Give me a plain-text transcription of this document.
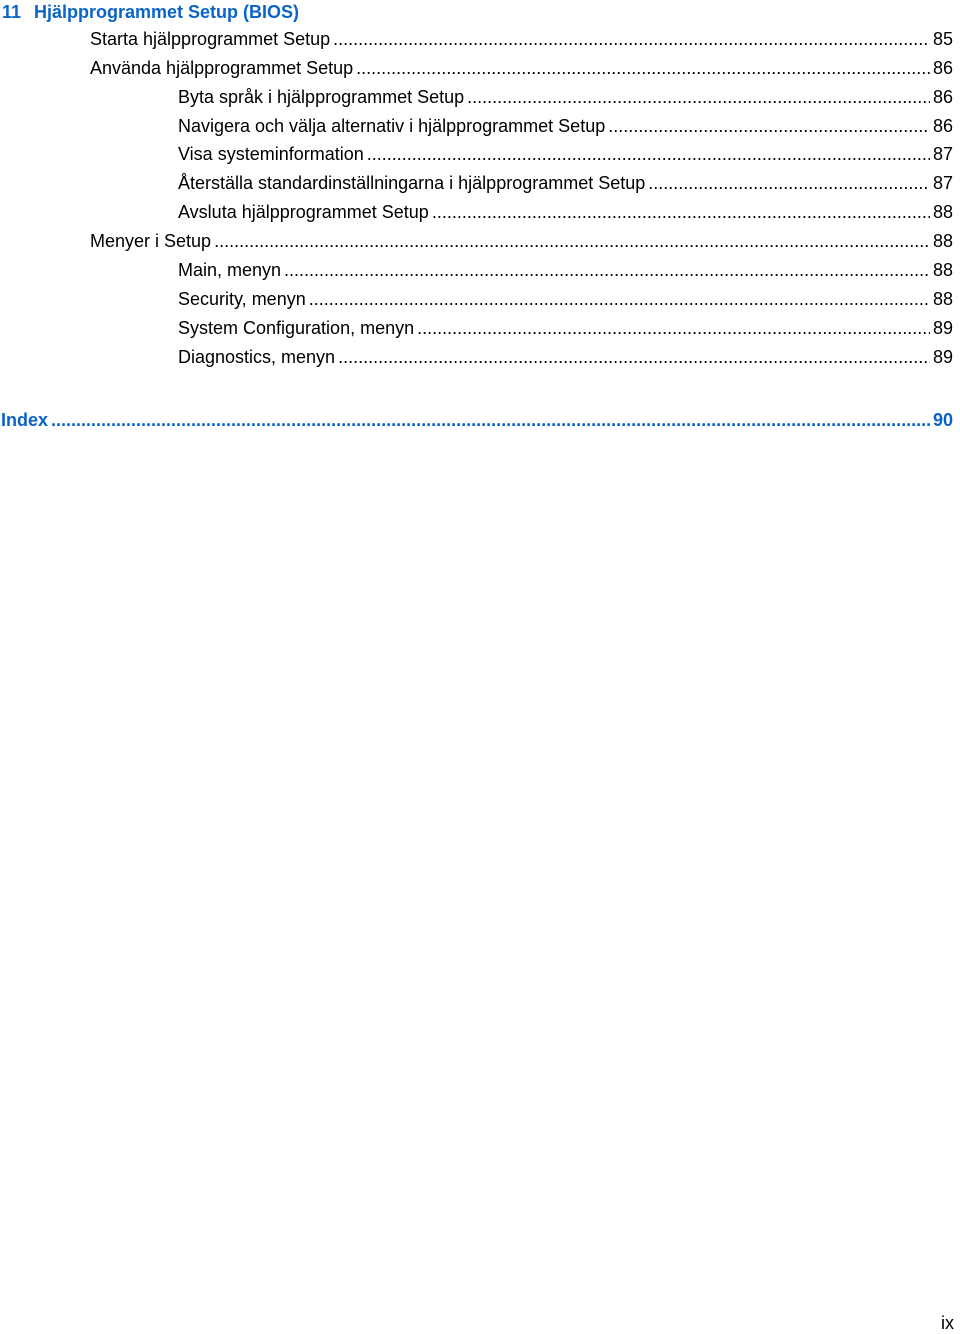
11 Hjälpprogrammet Setup (BIOS)
Starta hjälpprogrammet Setup .....	85
Använda hjälpprogrammet Setup .....	86
Byta språk i hjälpprogrammet Setup .....	86
Navigera och välja alternativ i hjälpprogrammet Setup .....	86
Visa systeminformation .....	87
Återställa standardinställningarna i hjälpprogrammet Setup .....	87
Avsluta hjälpprogrammet Setup .....	88
Menyer i Setup .....	88
Main, menyn .....	88
Security, menyn .....	88
System Configuration, menyn .....	89
Diagnostics, menyn .....	89
Index .....	90
ix
